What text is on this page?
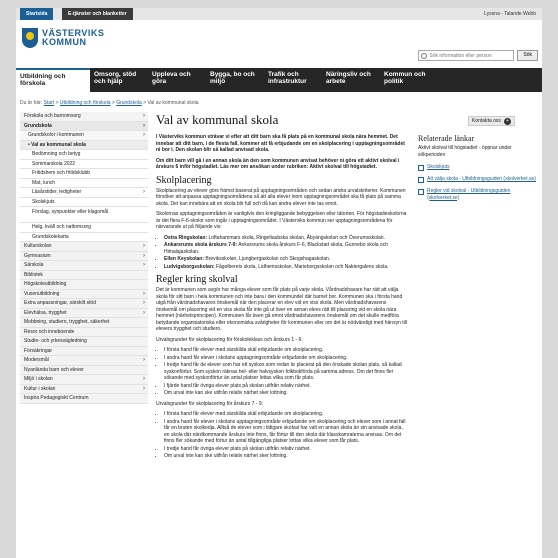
Startsida	E-tjänster och blanketter	Lyssna - Talande Webb
VÄSTERVIKS
KOMMUN
Sök information eller person
Sök
Utbildning och förskola
Omsorg, stöd och hjälp
Uppleva och göra
Bygga, bo och miljö
Trafik och infrastruktur
Näringsliv och arbete
Kommun och politik
Du är här: Start > Utbildning och förskola > Grundskola > Val av kommunal skola
Förskola och barnomsorg	›
Grundskola	›
Grundskolor i kommunen	›
• Val av kommunal skola
Bedömning och betyg
Sommarskola 2022
Fritidshem och fritidsklubb
Mat, lunch
Läsårstider, ledigheter	›
Skolskjuts
Förslag, synpunkter eller klagomål
Helg, kväll och nattomsorg
Grundskolekarta
Kulturskolan	›
Gymnasium	›
Särskola	›
Bibliotek
Högskoleutbildning
Vuxenutbildning	›
Extra anpassningar, särskilt stöd	›
Elevhälsa, trygghet	›
Mobbning, studiero, trygghet, säkerhet
Resor och inneboende
Studie- och yrkesvägledning
Försäkringar
Modersmål	›
Nyanlända barn och elever
Miljö i skolan	›
Kultur i skolan	›
Inspira Pedagogiskt Centrum
Val av kommunal skola

I Västerviks kommun strävar vi efter att ditt barn ska få plats på en kommunal skola nära hemmet. Det innebar att ditt barn, i de flesta fall, kommer att få erbjudande om en skolplacering i upptagningsområdet ni bor i. Den skolan blir så kallad anvisad skola.

Om ditt barn vill gå i en annan skola än den som kommunen anvisat behöver ni göra ett aktivt skolval i årskurs 6 inför högstadiet. Läs mer om ansökan under rubriken: Aktivt skolval till högstadiet.

Skolplacering

Skolplacering av elever görs främst baserat på upptagningsområden och sedan andra urvalskriterier. Kommunen försöker att anpassa upptagningsområdena så att alla elever inom upptagningsområdet ska få plats på samma skola. Det kan innebära att en skola blir full och då kan andra elever inte tas emot.

Skolornas upptagningsområden är vanligtvis den kringliggande bebyggelsen eller tätorten. För högstadieskolorna är det flera F-6-skolor som ingår i upptagningsområdet. I Västerviks kommun ser upptagningsområdena för närvarande ut på följande vis:

• Ostra Ringskolan: Loftahammars skola, Ringeltaubska skolan, Åbyängskolan och Överumsskolan.
• Ankarsrums skola årskurs 7-9: Ankarsrums skola årskurs F-6, Blackstad skola, Gunnebo skola och Himalajaskolan.
• Ellen Keyskolan: Breviksskolan, Ljungbergaskolan och Skogshagaskolan.
• Ludvigsborgsskolan: Fågelberets skola, Lidhemsskolan, Marieborgsskolan och Naktergalens skola.
Regler kring skolval

Det är kommunen som avgör hur många elever som får plats på varje skola. Vårdnadshavare har rätt att välja skola för sitt barn i hela kommunen och inte bara i den kommundel där barnet bor. Kommunen ska i första hand utgå från vårdnadshavares önskemål när den placerar en elev vid en viss skola. Men vårdnadshavarens önskemål om placering vid en viss skola får inte gå ut över en annan elevs rätt till placering vid en skola nära hemmet (närhetsprincipen). Kommunen får även gå emot vårdnadshavarens önskemål om det skulle medföra betydande organisatoriska eller ekonomiska svårigheter för kommunen eller om det är nödvändigt med hänsyn till elevers trygghet och studiero.

Urvalsgrunder för skolplacering för förskoleklass och årskurs 1 - 6:

• I första hand får elever med särskilda skäl erbjudande om skolplacering.
• I andra hand får elever i skolans upptagningsområde erbjudande om skolplacering.
• I tredje hand får de elever som har ett syskon som redan är placerat på den önskade skolan plats, så kallad syskonförtur. Som syskon räknas hel- eller halvsyskon folkbokförda på samma adress. Om det finns fler sökande med syskonförtur än antal platser lottas vilka som får plats.
• I fjärde hand får övriga elever plats på skolan utifrån relativ närhet.
• Om urval inte kan ske utifrån relativ närhet sker lottning.

Urvalsgrunder för skolplacering för årskurs 7 - 9:

• I första hand får elever med särskilda skäl erbjudande om skolplacering.
• I andra hand får elever i skolans upptagningsområde erbjudande om skolplacering och elever som i annat fall får en bruten skolkedja. Alltså de elever som i tidigare skolval har valt en annan skola än sin anvisade skola, en skola där närdkommande årskurs inte finns, får förtur till den skola där klasskamraterna anvisas. Om det finns fler sökande med förtur än antal tillgängliga platser lottas vilka elever som får plats.
• I tredje hand får övriga elever plats på skolan utifrån relativ närhet.
• Om urval inte kan ske utifrån relativ närhet sker lottning.
Kontakta oss	+
Relaterade länkar
Aktivt skolval till högstadiet - öppnar under sökperioden
Skolskjuts
Att välja skola - Utbildningsguiden (skolverket.se)
Regler vid skolval - Utbildningsguiden (skolverket.se)
